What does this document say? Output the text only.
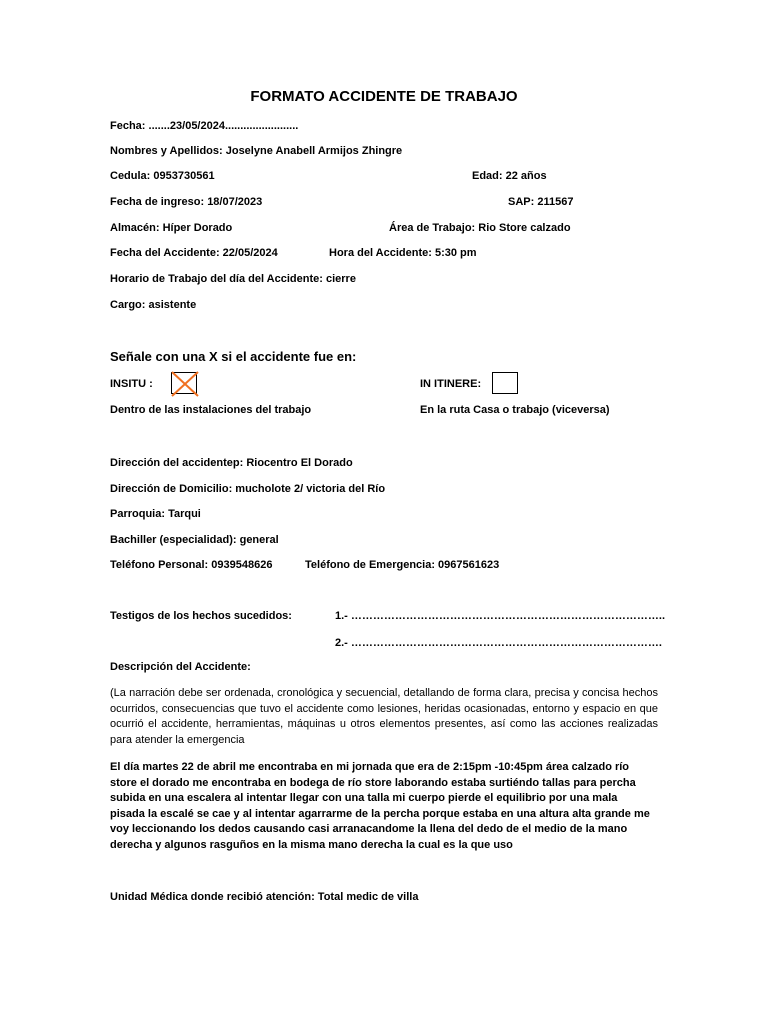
FORMATO ACCIDENTE DE TRABAJO
Fecha: .......23/05/2024........................
Nombres y Apellidos: Joselyne Anabell Armijos Zhingre
Cedula: 0953730561	Edad: 22 años
Fecha de ingreso: 18/07/2023	SAP: 211567
Almacén: Híper Dorado	Área de Trabajo: Rio Store calzado
Fecha del Accidente: 22/05/2024	Hora del Accidente: 5:30 pm
Horario de Trabajo del día del Accidente: cierre
Cargo: asistente
Señale con una X si el accidente fue en:
INSITU :	IN ITINERE:
Dentro de las instalaciones del trabajo	En la ruta Casa o trabajo (viceversa)
Dirección del accidentep: Riocentro El Dorado
Dirección de Domicilio: mucholote 2/ victoria del Río
Parroquia: Tarqui
Bachiller (especialidad): general
Teléfono Personal: 0939548626	Teléfono de Emergencia: 0967561623
Testigos de los hechos sucedidos:	1.- …………………………………………………………………………..
2.- ………………………………………………………………………….
Descripción del Accidente:
(La narración debe ser ordenada, cronológica y secuencial, detallando de forma clara, precisa y concisa hechos ocurridos, consecuencias que tuvo el accidente como lesiones, heridas ocasionadas, entorno y espacio en que ocurrió el accidente, herramientas, máquinas u otros elementos presentes, así como las acciones realizadas para atender la emergencia
El día martes 22 de abril me encontraba en mi jornada que era de 2:15pm -10:45pm área calzado río store el dorado me encontraba en bodega de río store laborando estaba surtiéndo tallas para percha subida en una escalera al intentar llegar con una talla mi cuerpo pierde el equilibrio por una mala pisada la escalé se cae y al intentar agarrarme de la percha porque estaba en una altura alta grande me voy leccionando los dedos causando casi arranacandome la llena del dedo de el medio de la mano derecha y algunos rasguños en la misma mano derecha la cual es la que uso
Unidad Médica donde recibió atención: Total medic de villa
